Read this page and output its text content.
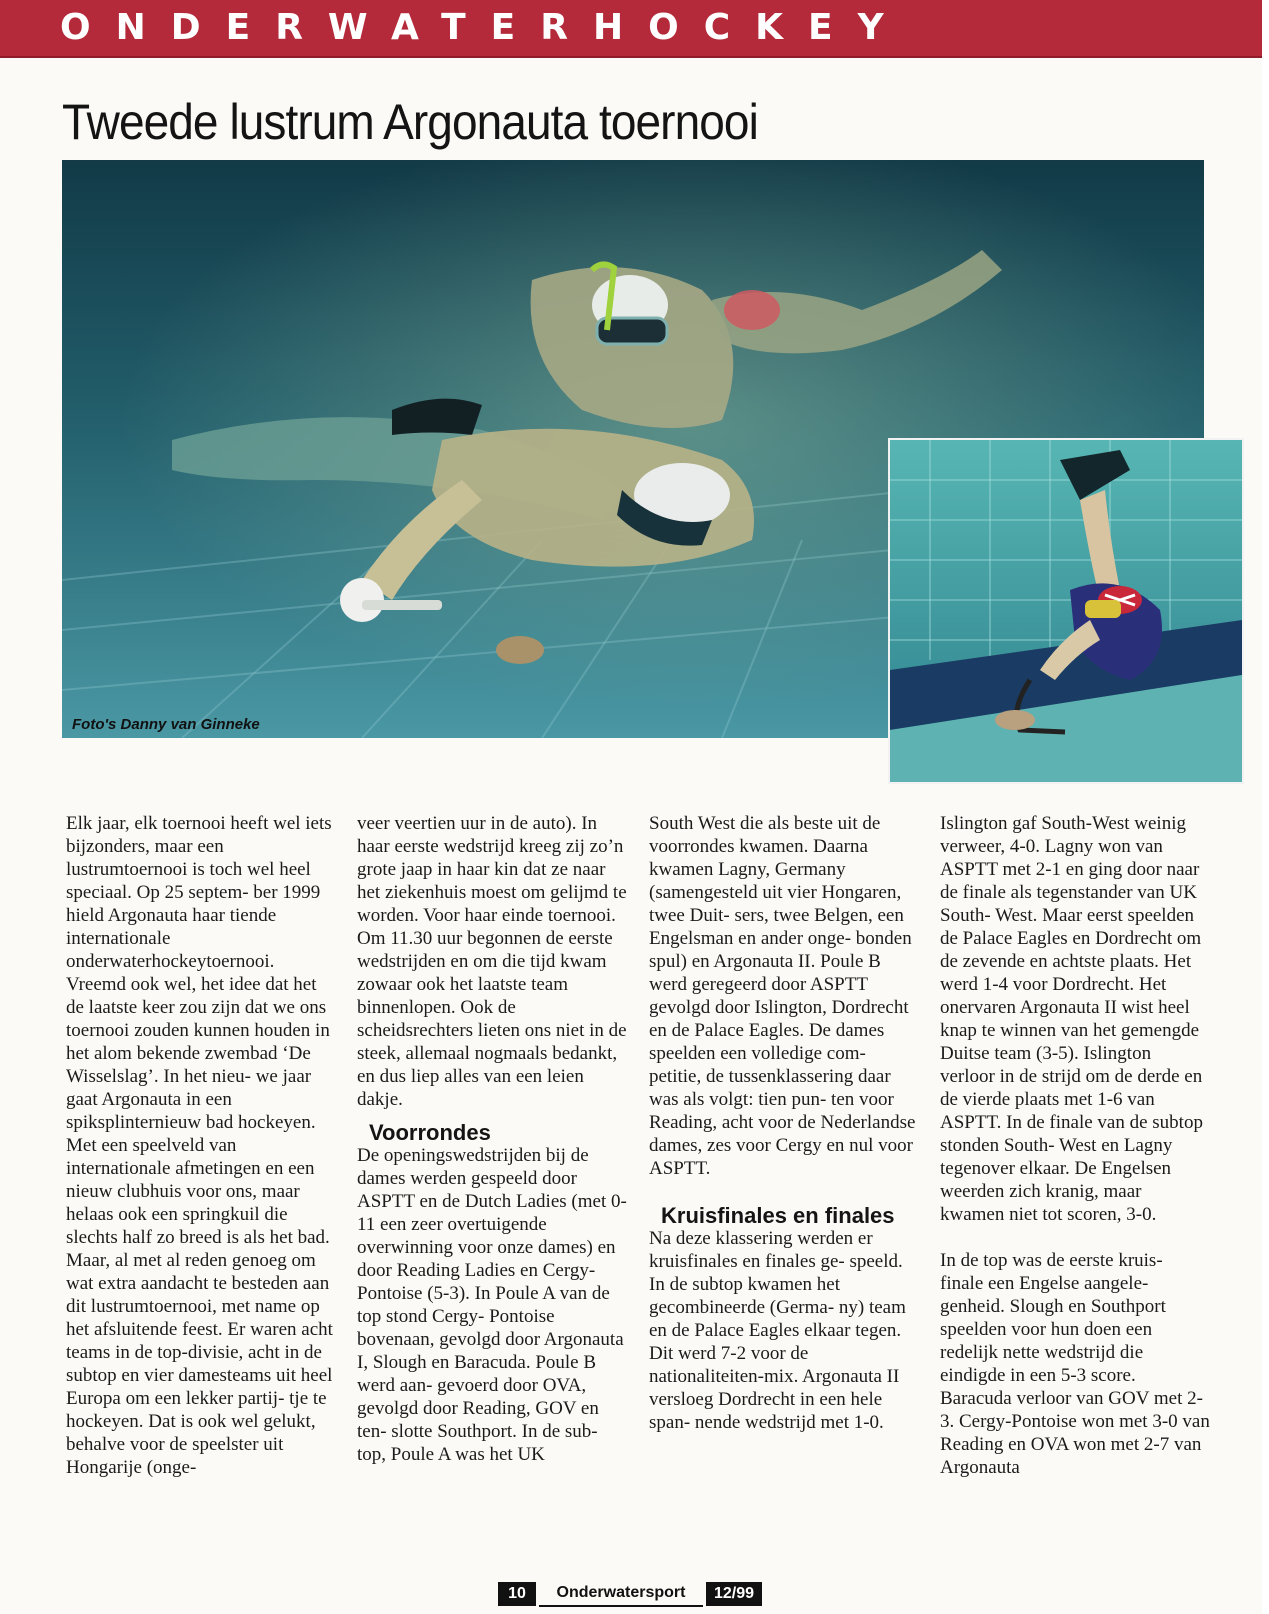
ONDERWATERHOCKEY
Tweede lustrum Argonauta toernooi
Foto's Danny van Ginneke

Elk jaar, elk toernooi heeft wel iets bijzonders, maar een lustrumtoernooi is toch wel heel speciaal. Op 25 septem- ber 1999 hield Argonauta haar tiende internationale onderwaterhockeytoernooi. Vreemd ook wel, het idee dat het de laatste keer zou zijn dat we ons toernooi zouden kunnen houden in het alom bekende zwembad ‘De Wisselslag’. In het nieu- we jaar gaat Argonauta in een spiksplinternieuw bad hockeyen. Met een speelveld van internationale afmetingen en een nieuw clubhuis voor ons, maar helaas ook een springkuil die slechts half zo breed is als het bad. Maar, al met al reden genoeg om wat extra aandacht te besteden aan dit lustrumtoernooi, met name op het afsluitende feest. Er waren acht teams in de top-divisie, acht in de subtop en vier damesteams uit heel Europa om een lekker partij- tje te hockeyen. Dat is ook wel gelukt, behalve voor de speelster uit Hongarije (onge-

veer veertien uur in de auto). In haar eerste wedstrijd kreeg zij zo’n grote jaap in haar kin dat ze naar het ziekenhuis moest om gelijmd te worden. Voor haar einde toernooi. Om 11.30 uur begonnen de eerste wedstrijden en om die tijd kwam zowaar ook het laatste team binnenlopen. Ook de scheidsrechters lieten ons niet in de steek, allemaal nogmaals bedankt, en dus liep alles van een leien dakje.

Voorrondes

De openingswedstrijden bij de dames werden gespeeld door ASPTT en de Dutch Ladies (met 0-11 een zeer overtuigende overwinning voor onze dames) en door Reading Ladies en Cergy- Pontoise (5-3). In Poule A van de top stond Cergy- Pontoise bovenaan, gevolgd door Argonauta I, Slough en Baracuda. Poule B werd aan- gevoerd door OVA, gevolgd door Reading, GOV en ten- slotte Southport. In de sub- top, Poule A was het UK

South West die als beste uit de voorrondes kwamen. Daarna kwamen Lagny, Germany (samengesteld uit vier Hongaren, twee Duit- sers, twee Belgen, een Engelsman en ander onge- bonden spul) en Argonauta II. Poule B werd geregeerd door ASPTT gevolgd door Islington, Dordrecht en de Palace Eagles. De dames speelden een volledige com- petitie, de tussenklassering daar was als volgt: tien pun- ten voor Reading, acht voor de Nederlandse dames, zes voor Cergy en nul voor ASPTT.

Kruisfinales en finales

Na deze klassering werden er kruisfinales en finales ge- speeld. In de subtop kwamen het gecombineerde (Germa- ny) team en de Palace Eagles elkaar tegen. Dit werd 7-2 voor de nationaliteiten-mix. Argonauta II versloeg Dordrecht in een hele span- nende wedstrijd met 1-0.

Islington gaf South-West weinig verweer, 4-0. Lagny won van ASPTT met 2-1 en ging door naar de finale als tegenstander van UK South- West. Maar eerst speelden de Palace Eagles en Dordrecht om de zevende en achtste plaats. Het werd 1-4 voor Dordrecht. Het onervaren Argonauta II wist heel knap te winnen van het gemengde Duitse team (3-5). Islington verloor in de strijd om de derde en de vierde plaats met 1-6 van ASPTT. In de finale van de subtop stonden South- West en Lagny tegenover elkaar. De Engelsen weerden zich kranig, maar kwamen niet tot scoren, 3-0.

In de top was de eerste kruis- finale een Engelse aangele- genheid. Slough en Southport speelden voor hun doen een redelijk nette wedstrijd die eindigde in een 5-3 score. Baracuda verloor van GOV met 2-3. Cergy-Pontoise won met 3-0 van Reading en OVA won met 2-7 van Argonauta

10	Onderwatersport	12/99
